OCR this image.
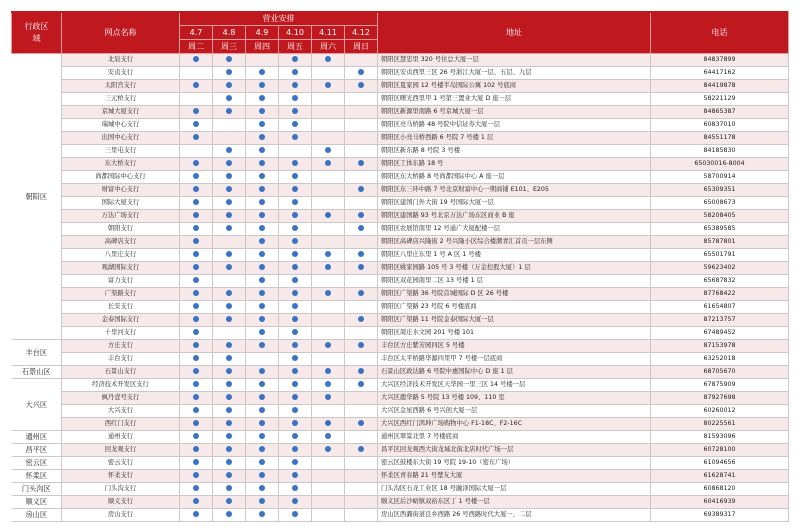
行政区域	网点名称	营业安排						地址	电话
		4.7	4.8	4.9	4.10	4.11	4.12		
		周二	周三	周四	周五	周六	周日		
朝阳区	北辰支行							朝阳区慧忠里 320 号住总大厦一层	84837899
	安贞支行							朝阳区安贞西里三区 26 号浙江大厦一层、五层、九层	64417162
	太阳宫支行							朝阳区夏家园 12 号楼半岛国际公寓 102 号底商	84419878
	三元桥支行							朝阳区曙光西里甲 1 号第三置业大厦 D 座一层	58221129
	京城大厦支行							朝阳区新源里南路 6 号京城大厦一层	84865387
	瑞城中心支行							朝阳区亮马桥路 48 号院中信证券大厦一层	60837010
	出国中心支行							朝阳区小亮马桥西路 6 号院 7 号楼 1 层	84551178
	三里屯支行							朝阳区新东路 8 号院 3 号楼	84185830
	东大桥支行							朝阳区工体东路 18 号	65030016-8004
	尚都国际中心支行							朝阳区东大桥路 8 号尚都国际中心 A 座一层	58700914
	财富中心支行							朝阳区东三环中路 7 号北京财富中心一期商铺 E101、E205	65309351
	国际大厦支行							朝阳区建国门外大街 19 号国际大厦一层	65008673
	万达广场支行							朝阳区建国路 93 号北京万达广场东区商业 B 座	58208405
	朝阳支行							朝阳区农展馆南里 12 号通广大厦配楼一层	65389585
	高碑店支行							朝阳区高碑店兴隆街 2 号兴隆小区综合楼潮青汇首贡一层东侧	85787801
	八里庄支行							朝阳区八里庄东里 1 号 A 区 1 号楼	65501791
	观湖国际支行							朝阳区姚家园路 105 号 3 号楼（万金控股大厦）1 层	59623402
	富力支行							朝阳区双花园南里二区 13 号楼 1 层	65687832
	广渠路支行							朝阳区广渠路 36 号院首城国际 D 区 26 号楼	87768422
	长安支行							朝阳区广渠路 23 号院 6 号楼底商	61654807
	金泰国际支行							朝阳区广渠路 11 号院金泰国际大厦一层	87213757
	十里河支行							朝阳区周庄水文园 201 号楼 101	67489452
丰台区	方庄支行							丰台区方庄紫芳园四区 5 号楼	87153978
	丰台支行							丰台区太平桥路华源四里甲 7 号楼一层底商	63252018
石景山区	石景山支行							石景山区政达路 6 号院中惠国际中心 D 座 1 层	68705670
大兴区	经济技术开发区支行							大兴区经济技术开发区天华园一里三区 14 号楼一层	67875909
	枫丹壹号支行							大兴区鹿华路 5 号院 13 号楼 109、110 室	87927698
	大兴支行							大兴区金星西路 6 号兴创大厦一层	60260012
	西红门支行							大兴区西红门鸿坤广场购物中心 F1-18C、F2-16C	80225561
通州区	通州支行							通州区翠景北里 7 号楼底商	81593096
昌平区	回龙观支行							昌平区回龙观西大街龙域北街北店时代广场一层	60728100
密云区	密云支行							密云区鼓楼东大街 19 号院 19-10（密东广场）	61094656
怀柔区	怀柔支行							怀柔区青春路 21 号楚友大厦	61628741
门头沟区	门头沟支行							门头沟区石龙工业区 18 号融泽国际大厦一层	60868120
顺义区	顺义支行							顺义区后沙峪镇双裕东区丁 1 号楼一层	60416939
房山区	房山支行							房山区西潞街道良乡西路 26 号西路时代大厦一、二层	69389317
